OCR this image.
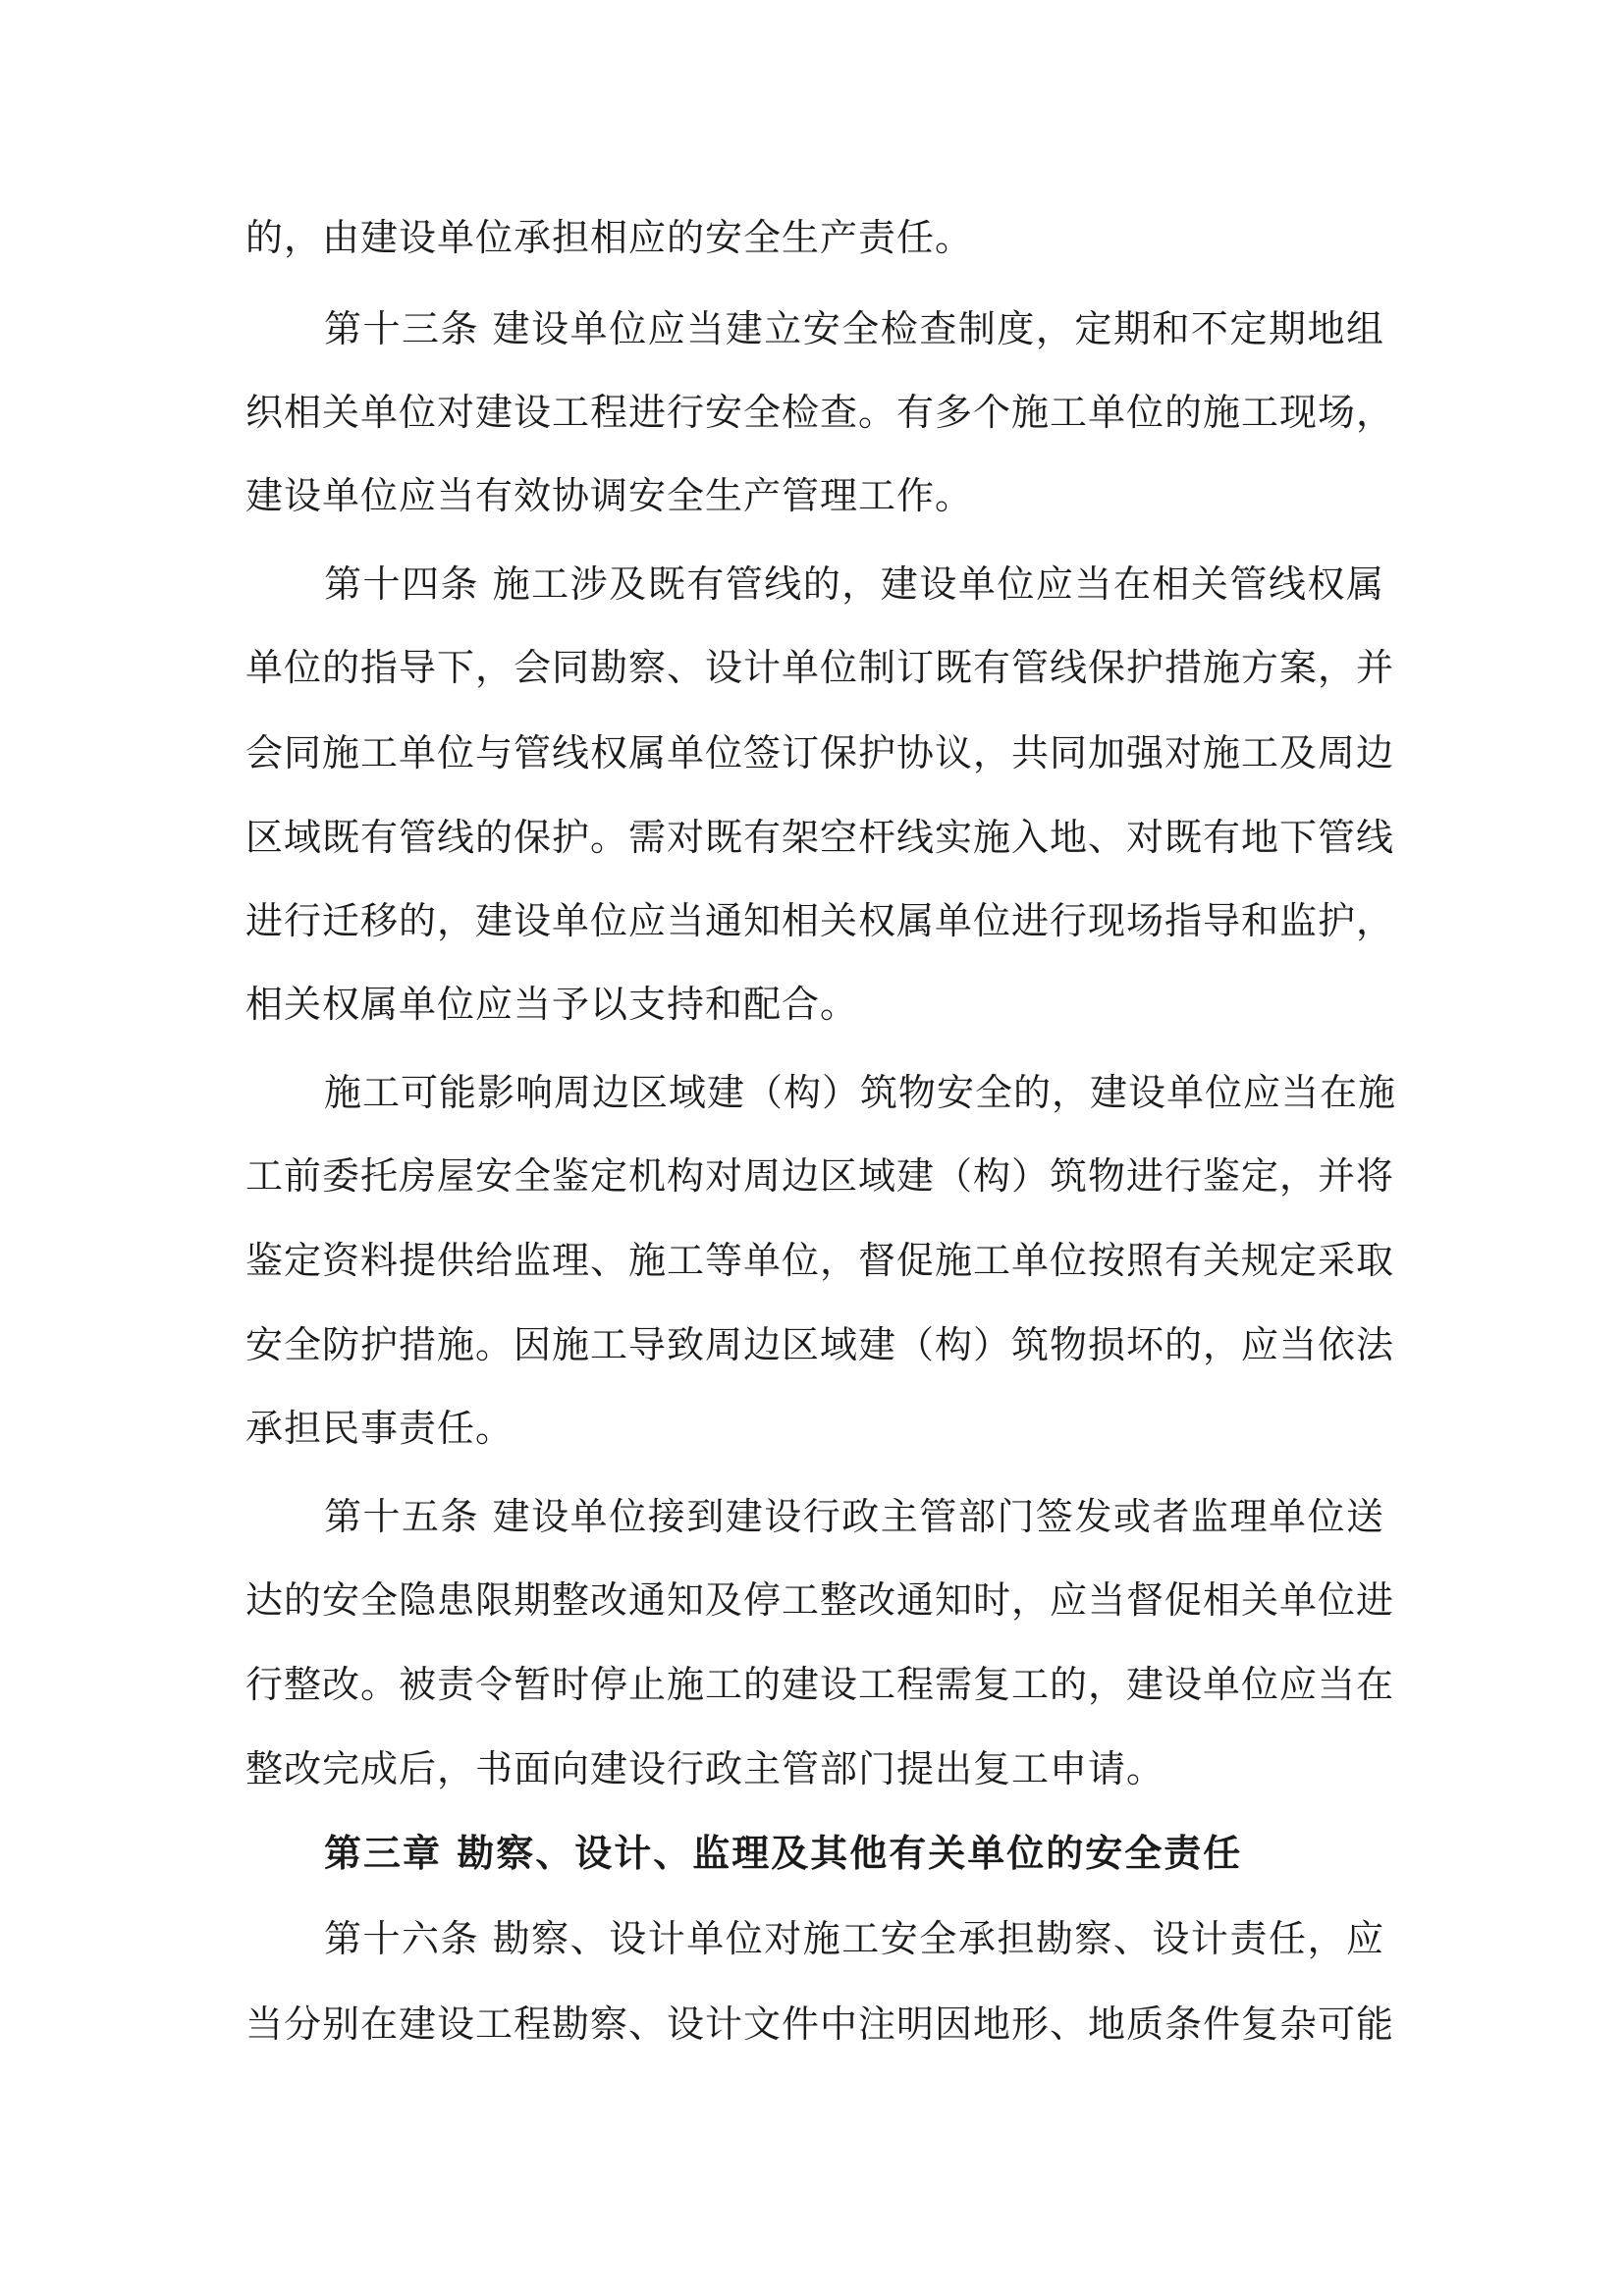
的，由建设单位承担相应的安全生产责任。
第十三条 建设单位应当建立安全检查制度，定期和不定期地组
织相关单位对建设工程进行安全检查。有多个施工单位的施工现场，
建设单位应当有效协调安全生产管理工作。
第十四条 施工涉及既有管线的，建设单位应当在相关管线权属
单位的指导下，会同勘察、设计单位制订既有管线保护措施方案，并
会同施工单位与管线权属单位签订保护协议，共同加强对施工及周边
区域既有管线的保护。需对既有架空杆线实施入地、对既有地下管线
进行迁移的，建设单位应当通知相关权属单位进行现场指导和监护，
相关权属单位应当予以支持和配合。
施工可能影响周边区域建（构）筑物安全的，建设单位应当在施
工前委托房屋安全鉴定机构对周边区域建（构）筑物进行鉴定，并将
鉴定资料提供给监理、施工等单位，督促施工单位按照有关规定采取
安全防护措施。因施工导致周边区域建（构）筑物损坏的，应当依法
承担民事责任。
第十五条 建设单位接到建设行政主管部门签发或者监理单位送
达的安全隐患限期整改通知及停工整改通知时，应当督促相关单位进
行整改。被责令暂时停止施工的建设工程需复工的，建设单位应当在
整改完成后，书面向建设行政主管部门提出复工申请。
第三章 勘察、设计、监理及其他有关单位的安全责任
第十六条 勘察、设计单位对施工安全承担勘察、设计责任，应
当分别在建设工程勘察、设计文件中注明因地形、地质条件复杂可能
